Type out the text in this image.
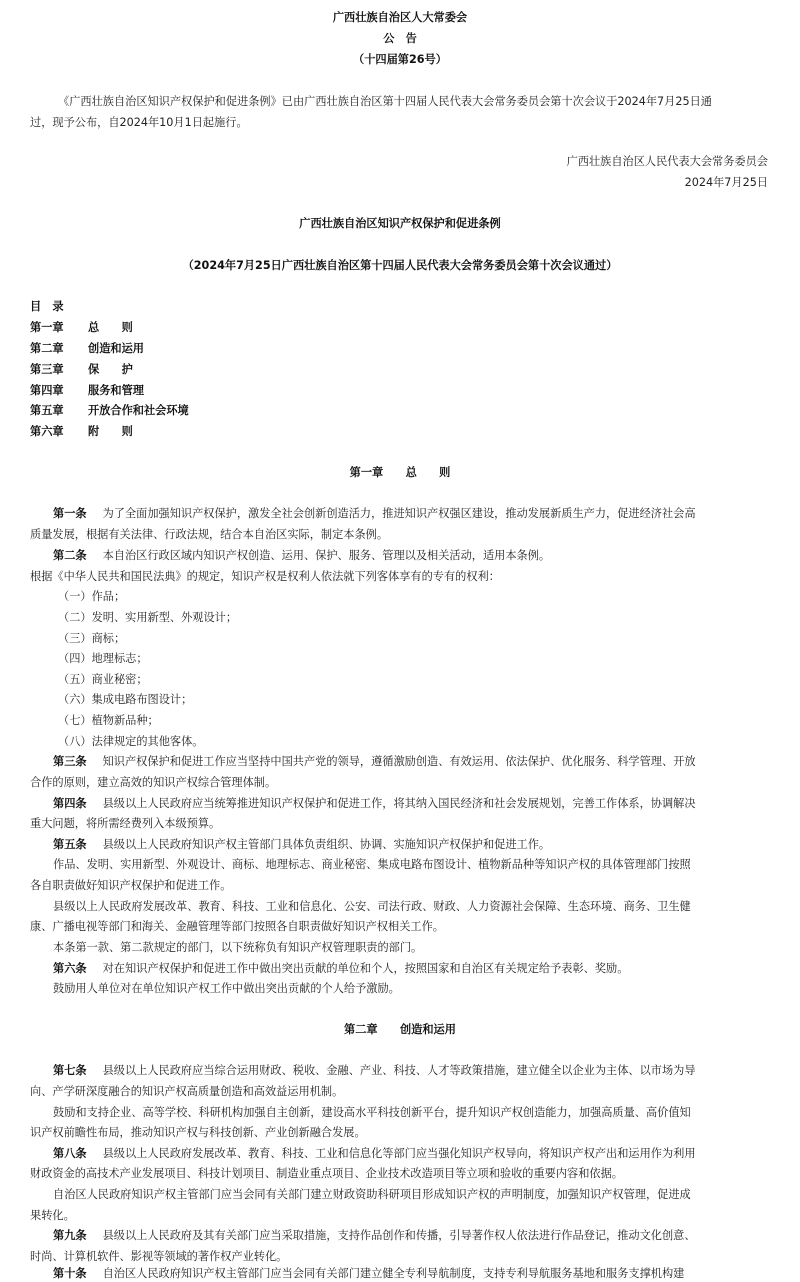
广西壮族自治区人大常委会
公　告
（十四届第26号）
《广西壮族自治区知识产权保护和促进条例》已由广西壮族自治区第十四届人民代表大会常务委员会第十次会议于2024年7月25日通
过，现予公布，自2024年10月1日起施行。
广西壮族自治区人民代表大会常务委员会
2024年7月25日
广西壮族自治区知识产权保护和促进条例
（2024年7月25日广西壮族自治区第十四届人民代表大会常务委员会第十次会议通过）
目　录
第一章 总　　则
第二章 创造和运用
第三章 保　　护
第四章 服务和管理
第五章 开放合作和社会环境
第六章 附　　则
第一章　　总　　则
第一条 为了全面加强知识产权保护，激发全社会创新创造活力，推进知识产权强区建设，推动发展新质生产力，促进经济社会高
质量发展，根据有关法律、行政法规，结合本自治区实际，制定本条例。
第二条 本自治区行政区域内知识产权创造、运用、保护、服务、管理以及相关活动，适用本条例。
根据《中华人民共和国民法典》的规定，知识产权是权利人依法就下列客体享有的专有的权利：
（一）作品；
（二）发明、实用新型、外观设计；
（三）商标；
（四）地理标志；
（五）商业秘密；
（六）集成电路布图设计；
（七）植物新品种；
（八）法律规定的其他客体。
第三条 知识产权保护和促进工作应当坚持中国共产党的领导，遵循激励创造、有效运用、依法保护、优化服务、科学管理、开放
合作的原则，建立高效的知识产权综合管理体制。
第四条 县级以上人民政府应当统筹推进知识产权保护和促进工作，将其纳入国民经济和社会发展规划，完善工作体系，协调解决
重大问题，将所需经费列入本级预算。
第五条 县级以上人民政府知识产权主管部门具体负责组织、协调、实施知识产权保护和促进工作。
作品、发明、实用新型、外观设计、商标、地理标志、商业秘密、集成电路布图设计、植物新品种等知识产权的具体管理部门按照
各自职责做好知识产权保护和促进工作。
县级以上人民政府发展改革、教育、科技、工业和信息化、公安、司法行政、财政、人力资源社会保障、生态环境、商务、卫生健
康、广播电视等部门和海关、金融管理等部门按照各自职责做好知识产权相关工作。
本条第一款、第二款规定的部门，以下统称负有知识产权管理职责的部门。
第六条 对在知识产权保护和促进工作中做出突出贡献的单位和个人，按照国家和自治区有关规定给予表彰、奖励。
鼓励用人单位对在单位知识产权工作中做出突出贡献的个人给予激励。
第二章　　创造和运用
第七条 县级以上人民政府应当综合运用财政、税收、金融、产业、科技、人才等政策措施，建立健全以企业为主体、以市场为导
向、产学研深度融合的知识产权高质量创造和高效益运用机制。
鼓励和支持企业、高等学校、科研机构加强自主创新，建设高水平科技创新平台，提升知识产权创造能力，加强高质量、高价值知
识产权前瞻性布局，推动知识产权与科技创新、产业创新融合发展。
第八条 县级以上人民政府发展改革、教育、科技、工业和信息化等部门应当强化知识产权导向，将知识产权产出和运用作为利用
财政资金的高技术产业发展项目、科技计划项目、制造业重点项目、企业技术改造项目等立项和验收的重要内容和依据。
自治区人民政府知识产权主管部门应当会同有关部门建立财政资助科研项目形成知识产权的声明制度，加强知识产权管理，促进成
果转化。
第九条 县级以上人民政府及其有关部门应当采取措施，支持作品创作和传播，引导著作权人依法进行作品登记，推动文化创意、
时尚、计算机软件、影视等领域的著作权产业转化。
第十条 自治区人民政府知识产权主管部门应当会同有关部门建立健全专利导航制度，支持专利导航服务基地和服务支撑机构建
